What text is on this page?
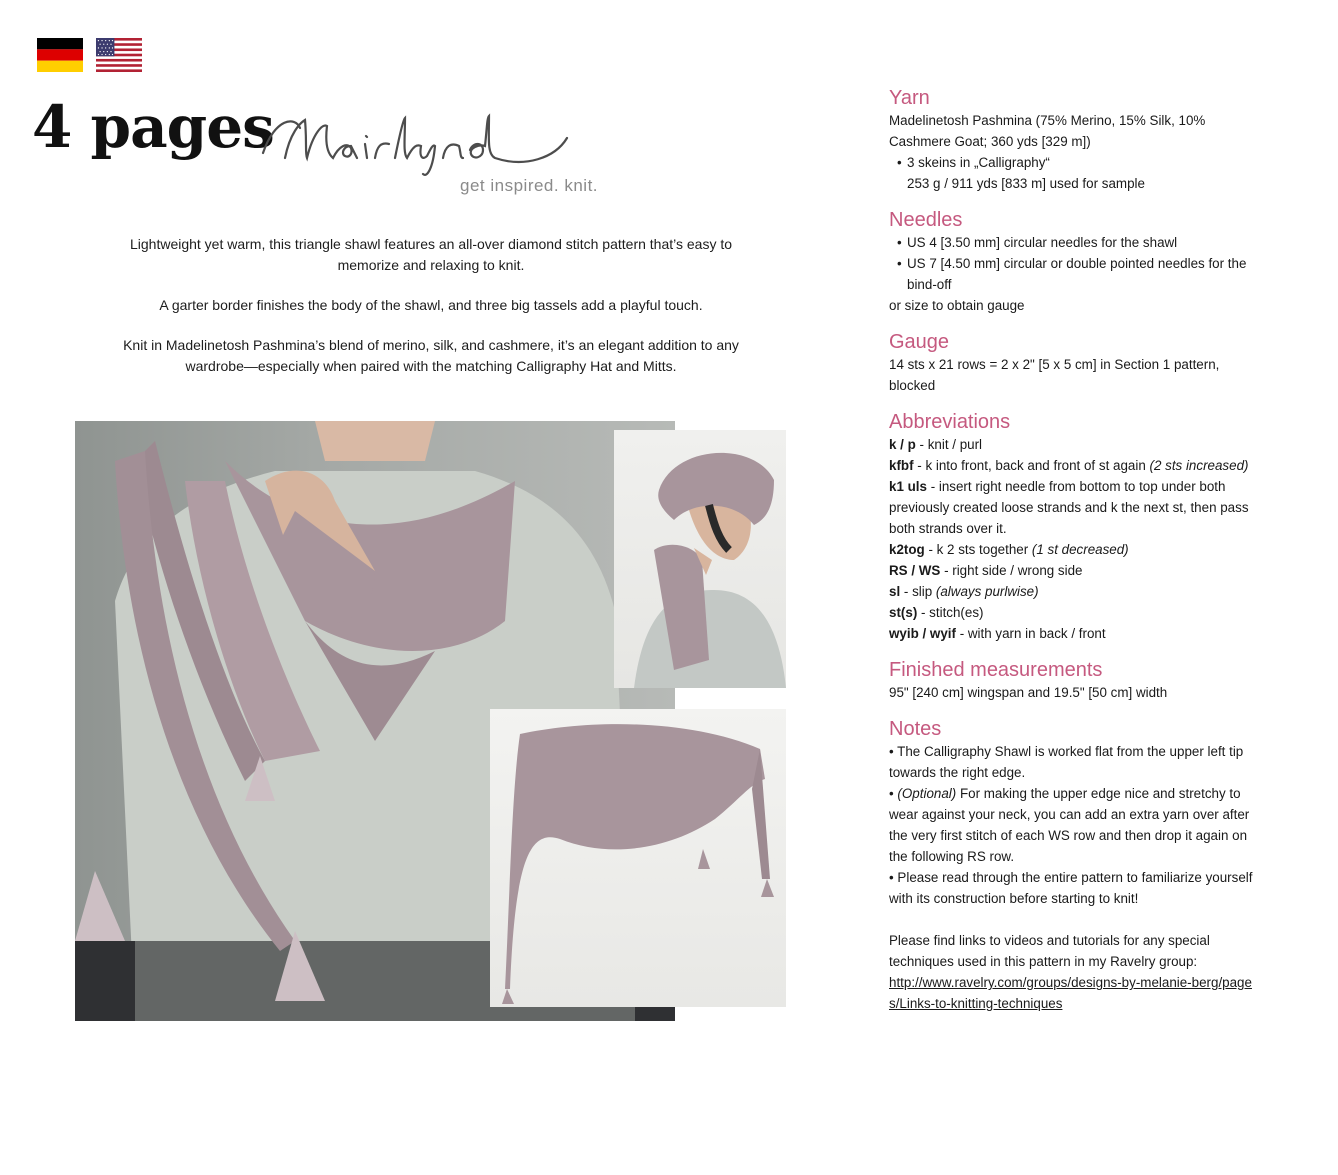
4 pages
get inspired. knit.

Lightweight yet warm, this triangle shawl features an all-over diamond stitch pattern that’s easy to memorize and relaxing to knit.

A garter border finishes the body of the shawl, and three big tassels add a playful touch.

Knit in Madelinetosh Pashmina’s blend of merino, silk, and cashmere, it’s an elegant addition to any wardrobe—especially when paired with the matching Calligraphy Hat and Mitts.

Yarn

Madelinetosh Pashmina (75% Merino, 15% Silk, 10% Cashmere Goat; 360 yds [329 m])

• 3 skeins in „Calligraphy“

253 g / 911 yds [833 m] used for sample

Needles

• US 4 [3.50 mm] circular needles for the shawl

• US 7 [4.50 mm] circular or double pointed needles for the bind-off

or size to obtain gauge

Gauge

14 sts x 21 rows = 2 x 2" [5 x 5 cm] in Section 1 pattern, blocked

Abbreviations

k / p - knit / purl

kfbf - k into front, back and front of st again (2 sts increased)

k1 uls - insert right needle from bottom to top under both previously created loose strands and k the next st, then pass both strands over it.

k2tog - k 2 sts together (1 st decreased)

RS / WS - right side / wrong side

sl - slip (always purlwise)

st(s) - stitch(es)

wyib / wyif - with yarn in back / front

Finished measurements

95" [240 cm] wingspan and 19.5" [50 cm] width

Notes

• The Calligraphy Shawl is worked flat from the upper left tip towards the right edge.

• (Optional) For making the upper edge nice and stretchy to wear against your neck, you can add an extra yarn over after the very first stitch of each WS row and then drop it again on the following RS row.

• Please read through the entire pattern to familiarize yourself with its construction before starting to knit!

Please find links to videos and tutorials for any special techniques used in this pattern in my Ravelry group:

http://www.ravelry.com/groups/designs-by-melanie-berg/pages/Links-to-knitting-techniques
